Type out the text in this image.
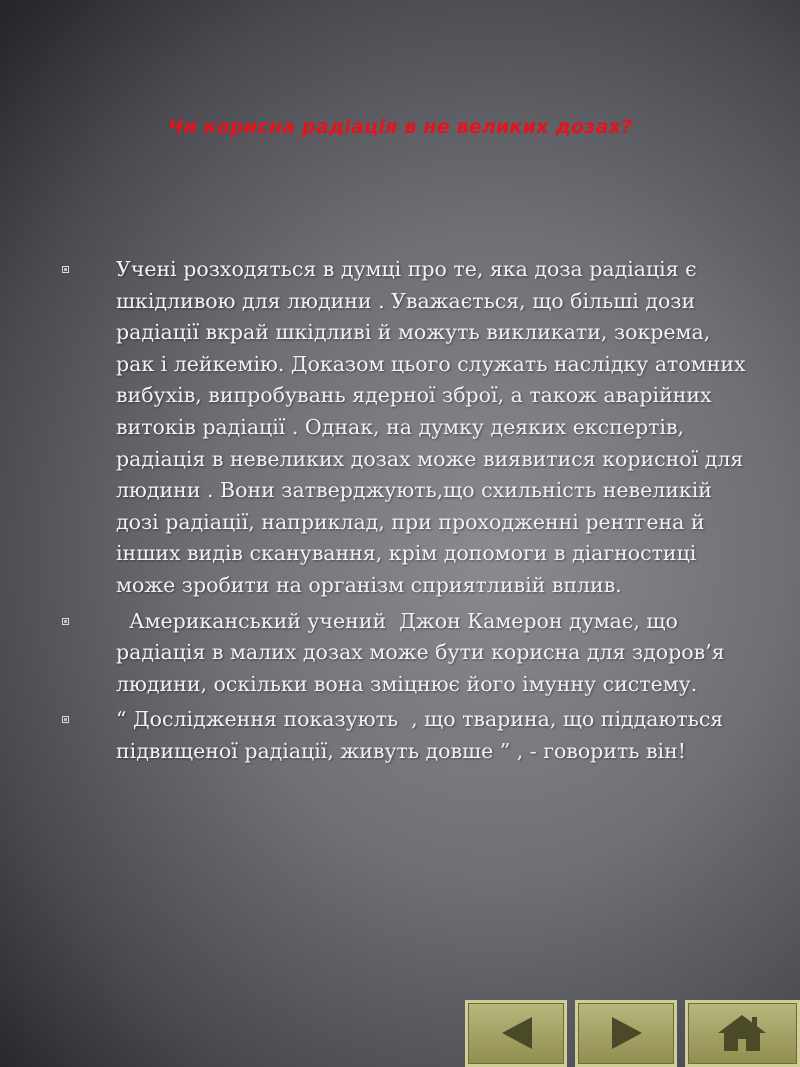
Чи корисна радіація в не великих дозах?
Учені розходяться в думці про те, яка доза радіація є шкідливою для людини . Уважається, що більші дози радіації вкрай шкідливі й можуть викликати, зокрема, рак і лейкемію. Доказом цього служать наслідку атомних вибухів, випробувань ядерної зброї, а також аварійних витоків радіації . Однак, на думку деяких експертів, радіація в невеликих дозах може виявитися корисної для людини . Вони затверджують,що схильність невеликій дозі радіації, наприклад, при проходженні рентгена й інших видів сканування, крім допомоги в діагностиці може зробити на організм сприятливій вплив.
Американський учений  Джон Камерон думає, що радіація в малих дозах може бути корисна для здоров’я людини, оскільки вона зміцнює його імунну систему.
“ Дослідження показують  , що тварина, що піддаються підвищеної радіації, живуть довше ” , - говорить він!
